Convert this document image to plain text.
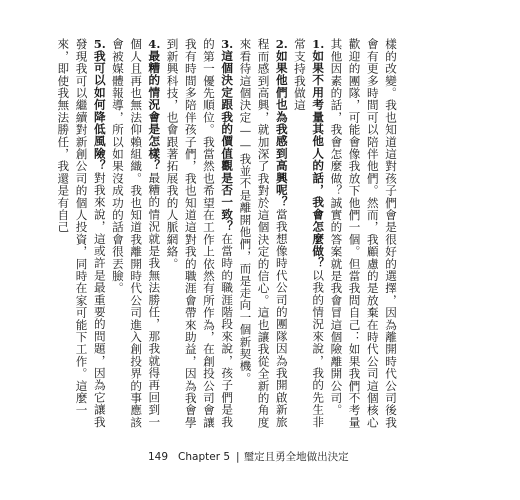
樣的改變。我也知道這對孩子們會是很好的選擇，因為離開時代公司後我會有更多時間可以陪伴他們。然而，我顧慮的是放棄在時代公司這個核心歡迎的團隊，可能會像我放下他們一個。但當我問自己：如果我們不考量其他因素的話，我會怎麼做？誠實的答案就是我會冒這個險離開公司。

1.如果不用考量其他人的話，我會怎麼做？以我的情況來說，我的先生非常支持我做這

2.如果他們也為我感到高興呢？當我想像時代公司的團隊因為我開啟新旅程而感到高興，就加深了我對於這個決定的信心。這也讓我從全新的角度來看待這個決定——我並不是離開他們，而是走向一個新契機。

3.這個決定跟我的價值觀是否一致？在當時的職涯階段來說，孩子們是我的第一優先順位。我當然也希望在工作上依然有所作為，在創投公司會讓我有時間多陪伴孩子們，我也知道這對我的職涯會帶來助益，因為我會學到新興科技，也會跟著拓展我的人脈網絡。

4.最糟的情況會是怎樣？最糟的情況就是我無法勝任，那我就得再回到一個人且再也無法仰賴組織。我也知道我離開時代公司進入創投界的事應該會被媒體報導，所以如果沒成功的話會很丟臉。

5.我可以如何降低風險？對我來說，這或許是最重要的問題，因為它讓我發現我可以繼續對新創公司的個人投資，同時在家可能下工作。這麼一來，即使我無法勝任，我還是有自己

149 Chapter 5 | 璽定且勇全地做出決定
